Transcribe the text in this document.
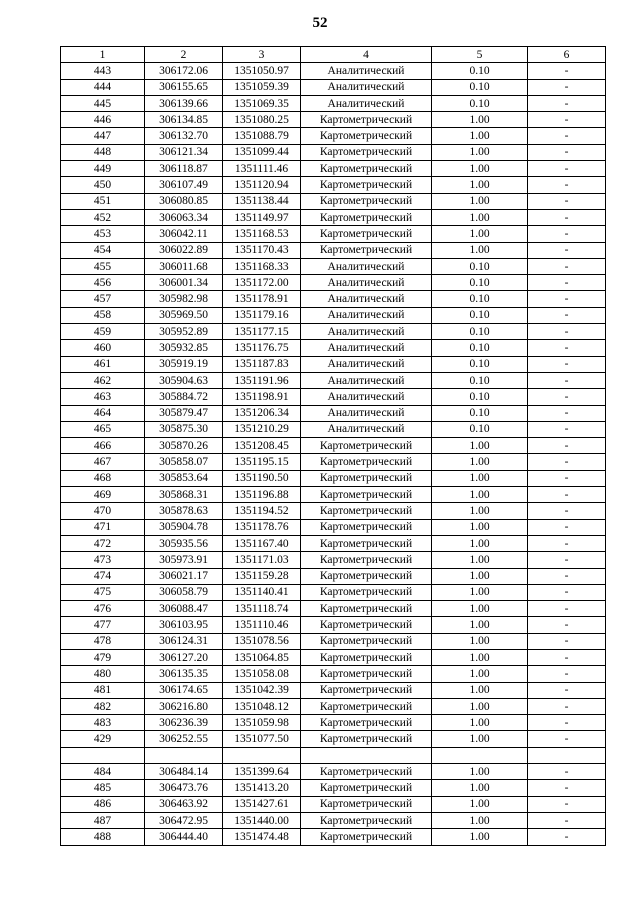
52
1	2	3	4	5	6
443	306172.06	1351050.97	Аналитический	0.10	-
444	306155.65	1351059.39	Аналитический	0.10	-
445	306139.66	1351069.35	Аналитический	0.10	-
446	306134.85	1351080.25	Картометрический	1.00	-
447	306132.70	1351088.79	Картометрический	1.00	-
448	306121.34	1351099.44	Картометрический	1.00	-
449	306118.87	1351111.46	Картометрический	1.00	-
450	306107.49	1351120.94	Картометрический	1.00	-
451	306080.85	1351138.44	Картометрический	1.00	-
452	306063.34	1351149.97	Картометрический	1.00	-
453	306042.11	1351168.53	Картометрический	1.00	-
454	306022.89	1351170.43	Картометрический	1.00	-
455	306011.68	1351168.33	Аналитический	0.10	-
456	306001.34	1351172.00	Аналитический	0.10	-
457	305982.98	1351178.91	Аналитический	0.10	-
458	305969.50	1351179.16	Аналитический	0.10	-
459	305952.89	1351177.15	Аналитический	0.10	-
460	305932.85	1351176.75	Аналитический	0.10	-
461	305919.19	1351187.83	Аналитический	0.10	-
462	305904.63	1351191.96	Аналитический	0.10	-
463	305884.72	1351198.91	Аналитический	0.10	-
464	305879.47	1351206.34	Аналитический	0.10	-
465	305875.30	1351210.29	Аналитический	0.10	-
466	305870.26	1351208.45	Картометрический	1.00	-
467	305858.07	1351195.15	Картометрический	1.00	-
468	305853.64	1351190.50	Картометрический	1.00	-
469	305868.31	1351196.88	Картометрический	1.00	-
470	305878.63	1351194.52	Картометрический	1.00	-
471	305904.78	1351178.76	Картометрический	1.00	-
472	305935.56	1351167.40	Картометрический	1.00	-
473	305973.91	1351171.03	Картометрический	1.00	-
474	306021.17	1351159.28	Картометрический	1.00	-
475	306058.79	1351140.41	Картометрический	1.00	-
476	306088.47	1351118.74	Картометрический	1.00	-
477	306103.95	1351110.46	Картометрический	1.00	-
478	306124.31	1351078.56	Картометрический	1.00	-
479	306127.20	1351064.85	Картометрический	1.00	-
480	306135.35	1351058.08	Картометрический	1.00	-
481	306174.65	1351042.39	Картометрический	1.00	-
482	306216.80	1351048.12	Картометрический	1.00	-
483	306236.39	1351059.98	Картометрический	1.00	-
429	306252.55	1351077.50	Картометрический	1.00	-

484	306484.14	1351399.64	Картометрический	1.00	-
485	306473.76	1351413.20	Картометрический	1.00	-
486	306463.92	1351427.61	Картометрический	1.00	-
487	306472.95	1351440.00	Картометрический	1.00	-
488	306444.40	1351474.48	Картометрический	1.00	-
